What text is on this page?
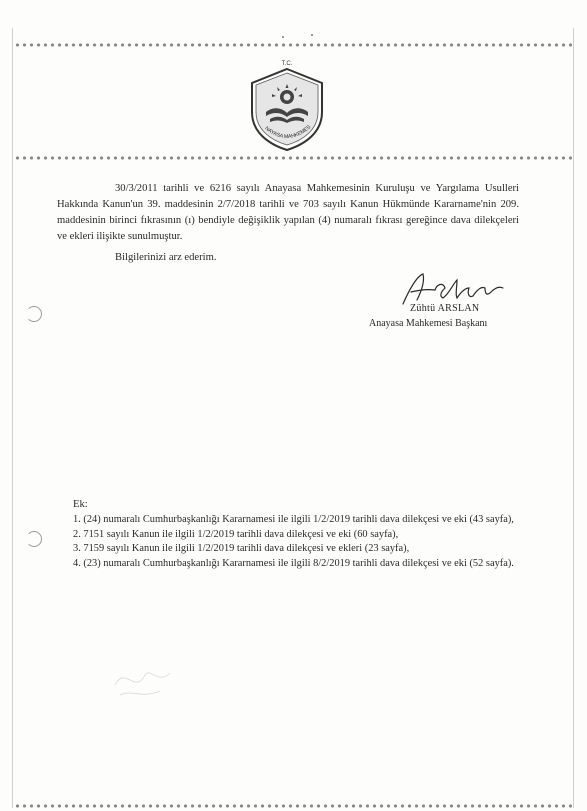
T.C.
NAYASA MAHKEMES

30/3/2011 tarihli ve 6216 sayılı Anayasa Mahkemesinin Kuruluşu ve Yargılama Usulleri Hakkında Kanun'un 39. maddesinin 2/7/2018 tarihli ve 703 sayılı Kanun Hükmünde Kararname'nin 209. maddesinin birinci fıkrasının (ı) bendiyle değişiklik yapılan (4) numaralı fıkrası gereğince dava dilekçeleri ve ekleri ilişikte sunulmuştur.

Bilgilerinizi arz ederim.
Zühtü ARSLAN
Anayasa Mahkemesi Başkanı
Ek:
1. (24) numaralı Cumhurbaşkanlığı Kararnamesi ile ilgili 1/2/2019 tarihli dava dilekçesi ve eki (43 sayfa),
2. 7151 sayılı Kanun ile ilgili 1/2/2019 tarihli dava dilekçesi ve eki (60 sayfa),
3. 7159 sayılı Kanun ile ilgili 1/2/2019 tarihli dava dilekçesi ve ekleri (23 sayfa),
4. (23) numaralı Cumhurbaşkanlığı Kararnamesi ile ilgili 8/2/2019 tarihli dava dilekçesi ve eki (52 sayfa).
